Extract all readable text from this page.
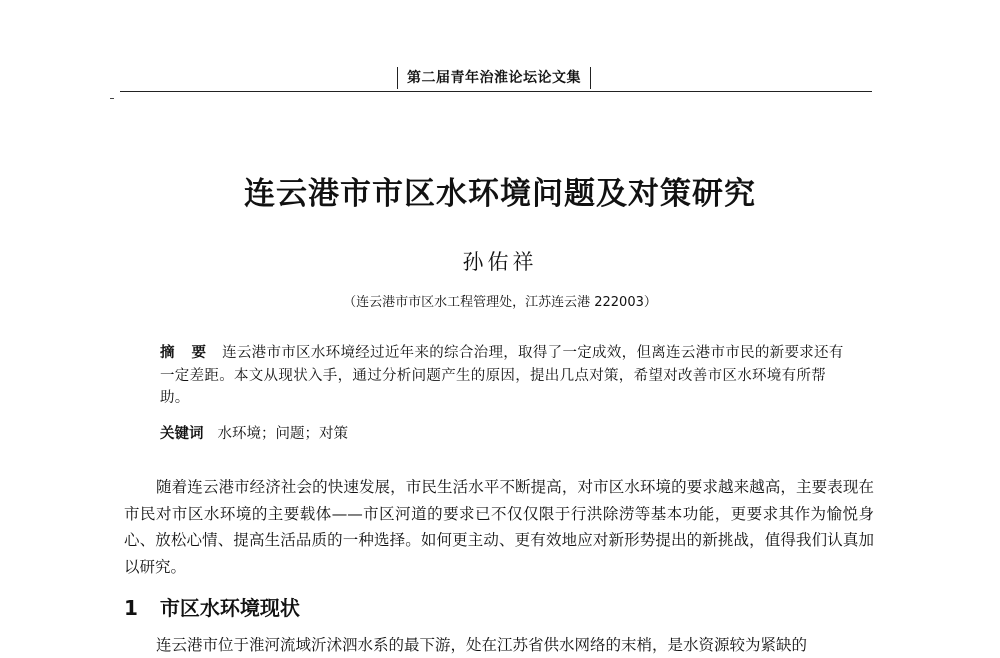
第二届青年治淮论坛论文集
连云港市市区水环境问题及对策研究
孙佑祥
（连云港市市区水工程管理处，江苏连云港 222003）
摘 要 连云港市市区水环境经过近年来的综合治理，取得了一定成效，但离连云港市市民的新要求还有一定差距。本文从现状入手，通过分析问题产生的原因，提出几点对策，希望对改善市区水环境有所帮助。
关键词 水环境；问题；对策
随着连云港市经济社会的快速发展，市民生活水平不断提高，对市区水环境的要求越来越高，主要表现在市民对市区水环境的主要载体——市区河道的要求已不仅仅限于行洪除涝等基本功能，更要求其作为愉悦身心、放松心情、提高生活品质的一种选择。如何更主动、更有效地应对新形势提出的新挑战，值得我们认真加以研究。
1 市区水环境现状
连云港市位于淮河流域沂沭泗水系的最下游，处在江苏省供水网络的末梢，是水资源较为紧缺的
